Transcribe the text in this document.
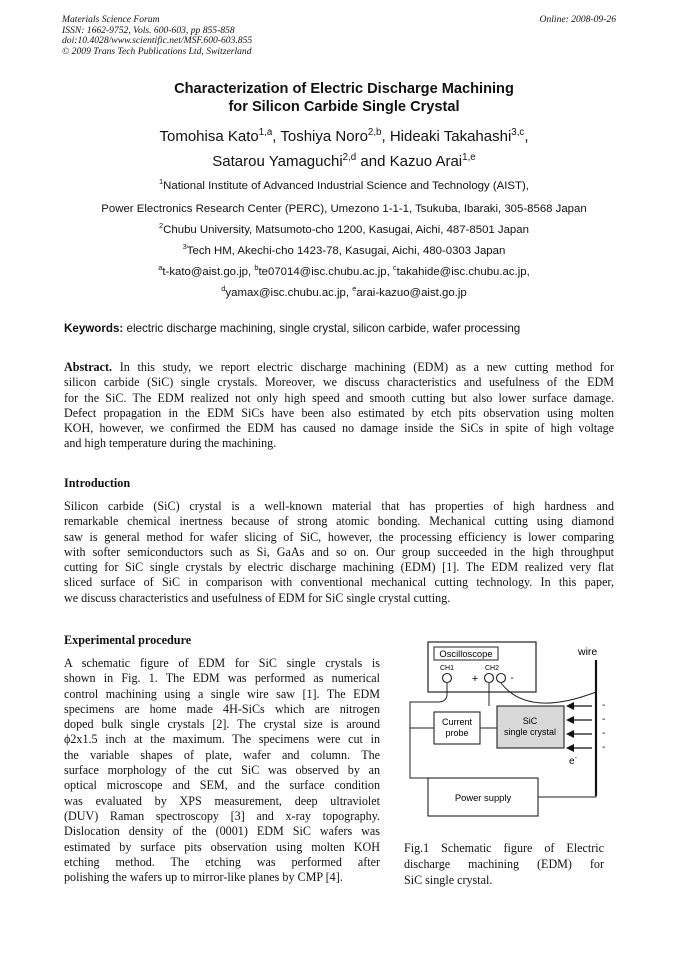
Materials Science Forum
ISSN: 1662-9752, Vols. 600-603, pp 855-858
doi:10.4028/www.scientific.net/MSF.600-603.855
© 2009 Trans Tech Publications Ltd, Switzerland
Online: 2008-09-26
Characterization of Electric Discharge Machining
for Silicon Carbide Single Crystal
Tomohisa Kato$^{1,a}$, Toshiya Noro$^{2,b}$, Hideaki Takahashi$^{3,c}$,
Satarou Yamaguchi$^{2,d}$ and Kazuo Arai$^{1,e}$
$^1$National Institute of Advanced Industrial Science and Technology (AIST),
Power Electronics Research Center (PERC), Umezono 1-1-1, Tsukuba, Ibaraki, 305-8568 Japan
$^2$Chubu University, Matsumoto-cho 1200, Kasugai, Aichi, 487-8501 Japan
$^3$Tech HM, Akechi-cho 1423-78, Kasugai, Aichi, 480-0303 Japan
$^a$t-kato@aist.go.jp, $^b$te07014@isc.chubu.ac.jp, $^c$takahide@isc.chubu.ac.jp,
$^d$yamax@isc.chubu.ac.jp, $^e$arai-kazuo@aist.go.jp
Keywords: electric discharge machining, single crystal, silicon carbide, wafer processing
Abstract. In this study, we report electric discharge machining (EDM) as a new cutting method for
silicon carbide (SiC) single crystals. Moreover, we discuss characteristics and usefulness of the EDM
for the SiC. The EDM realized not only high speed and smooth cutting but also lower surface damage.
Defect propagation in the EDM SiCs have been also estimated by etch pits observation using molten
KOH, however, we confirmed the EDM has caused no damage inside the SiCs in spite of high voltage
and high temperature during the machining.
Introduction
Silicon carbide (SiC) crystal is a well-known material that has properties of high hardness and
remarkable chemical inertness because of strong atomic bonding. Mechanical cutting using diamond
saw is general method for wafer slicing of SiC, however, the processing efficiency is lower comparing
with softer semiconductors such as Si, GaAs and so on. Our group succeeded in the high throughput
cutting for SiC single crystals by electric discharge machining (EDM) [1]. The EDM realized very flat
sliced surface of SiC in comparison with conventional mechanical cutting technology. In this paper,
we discuss characteristics and usefulness of EDM for SiC single crystal cutting.
Experimental procedure
A schematic figure of EDM for SiC single crystals is
shown in Fig. 1. The EDM was performed as numerical
control machining using a single wire saw [1]. The EDM
specimens are home made 4H-SiCs which are nitrogen
doped bulk single crystals [2]. The crystal size is around
ϕ2x1.5 inch at the maximum. The specimens were cut in
the variable shapes of plate, wafer and column. The
surface morphology of the cut SiC was observed by an
optical microscope and SEM, and the surface condition
was evaluated by XPS measurement, deep ultraviolet
(DUV) Raman spectroscopy [3] and x-ray topography.
Dislocation density of the (0001) EDM SiC wafers was
estimated by surface pits observation using molten KOH
etching method. The etching was performed after
polishing the wafers up to mirror-like planes by CMP [4].
Oscilloscope
CH1	CH2
+	-
wire
Current
probe
SiC
single crystal
-
-
-
-
e-
Power supply
Fig.1 Schematic figure of Electric
discharge machining (EDM) for
SiC single crystal.
